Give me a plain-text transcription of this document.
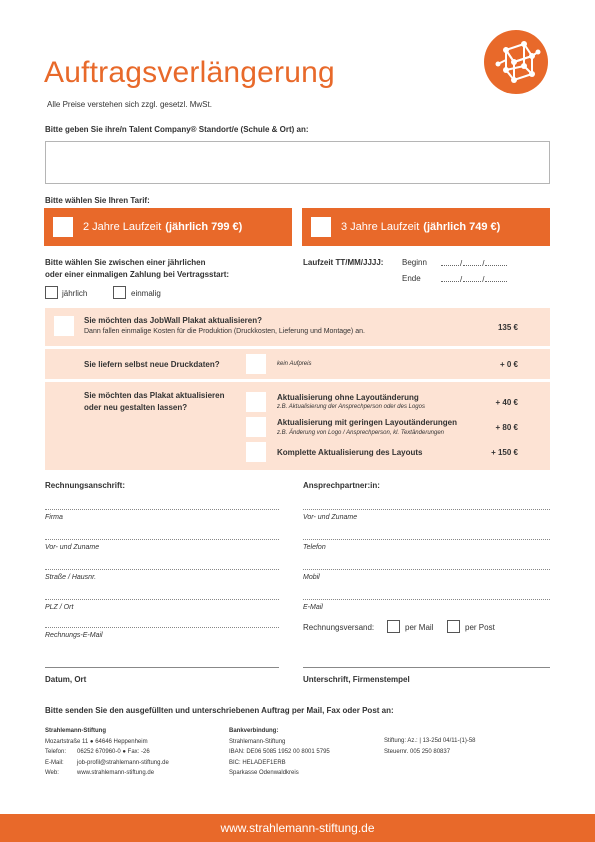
Auftragsverlängerung
Alle Preise verstehen sich zzgl. gesetzl. MwSt.
Bitte geben Sie ihre/n Talent Company® Standort/e (Schule & Ort) an:
Bitte wählen Sie Ihren Tarif:
2 Jahre Laufzeit (jährlich 799 €)	3 Jahre Laufzeit (jährlich 749 €)
Bitte wählen Sie zwischen einer jährlichen
oder einer einmaligen Zahlung bei Vertragsstart:
jährlich	einmalig
Laufzeit TT/MM/JJJJ: Beginn	/	/
Ende	/	/
Sie möchten das JobWall Plakat aktualisieren?
Dann fallen einmalige Kosten für die Produktion (Druckkosten, Lieferung und Montage) an.	135 €
Sie liefern selbst neue Druckdaten?	kein Aufpreis	+ 0 €
Sie möchten das Plakat aktualisieren
oder neu gestalten lassen?
Aktualisierung ohne Layoutänderung
z.B. Aktualisierung der Ansprechperson oder des Logos	+ 40 €
Aktualisierung mit geringen Layoutänderungen
z.B. Änderung von Logo / Ansprechperson, kl. Textänderungen
+ 80 €
Komplette Aktualisierung des Layouts	+ 150 €
Rechnungsanschrift:
Firma
Vor- und Zuname
Straße / Hausnr.
PLZ / Ort
Rechnungs-E-Mail
Ansprechpartner:in:
Vor- und Zuname
Telefon
Mobil
E-Mail
Rechnungsversand:	per Mail	per Post
Datum, Ort	Unterschrift, Firmenstempel
Bitte senden Sie den ausgefüllten und unterschriebenen Auftrag per Mail, Fax oder Post an:
Strahlemann-Stiftung
Mozartstraße 11 ● 64646 Heppenheim
Telefon: 06252 670960-0 ● Fax: -26
E-Mail: job-profil@strahlemann-stiftung.de
Web:	www.strahlemann-stiftung.de
Bankverbindung:
Strahlemann-Stiftung
IBAN: DE06 5085 1952 00 8001 5795
BIC: HELADEF1ERB
Sparkasse Odenwaldkreis
Stiftung: Az.: | 13-25d 04/11-(1)-58
Steuernr. 005 250 80837
www.strahlemann-stiftung.de
